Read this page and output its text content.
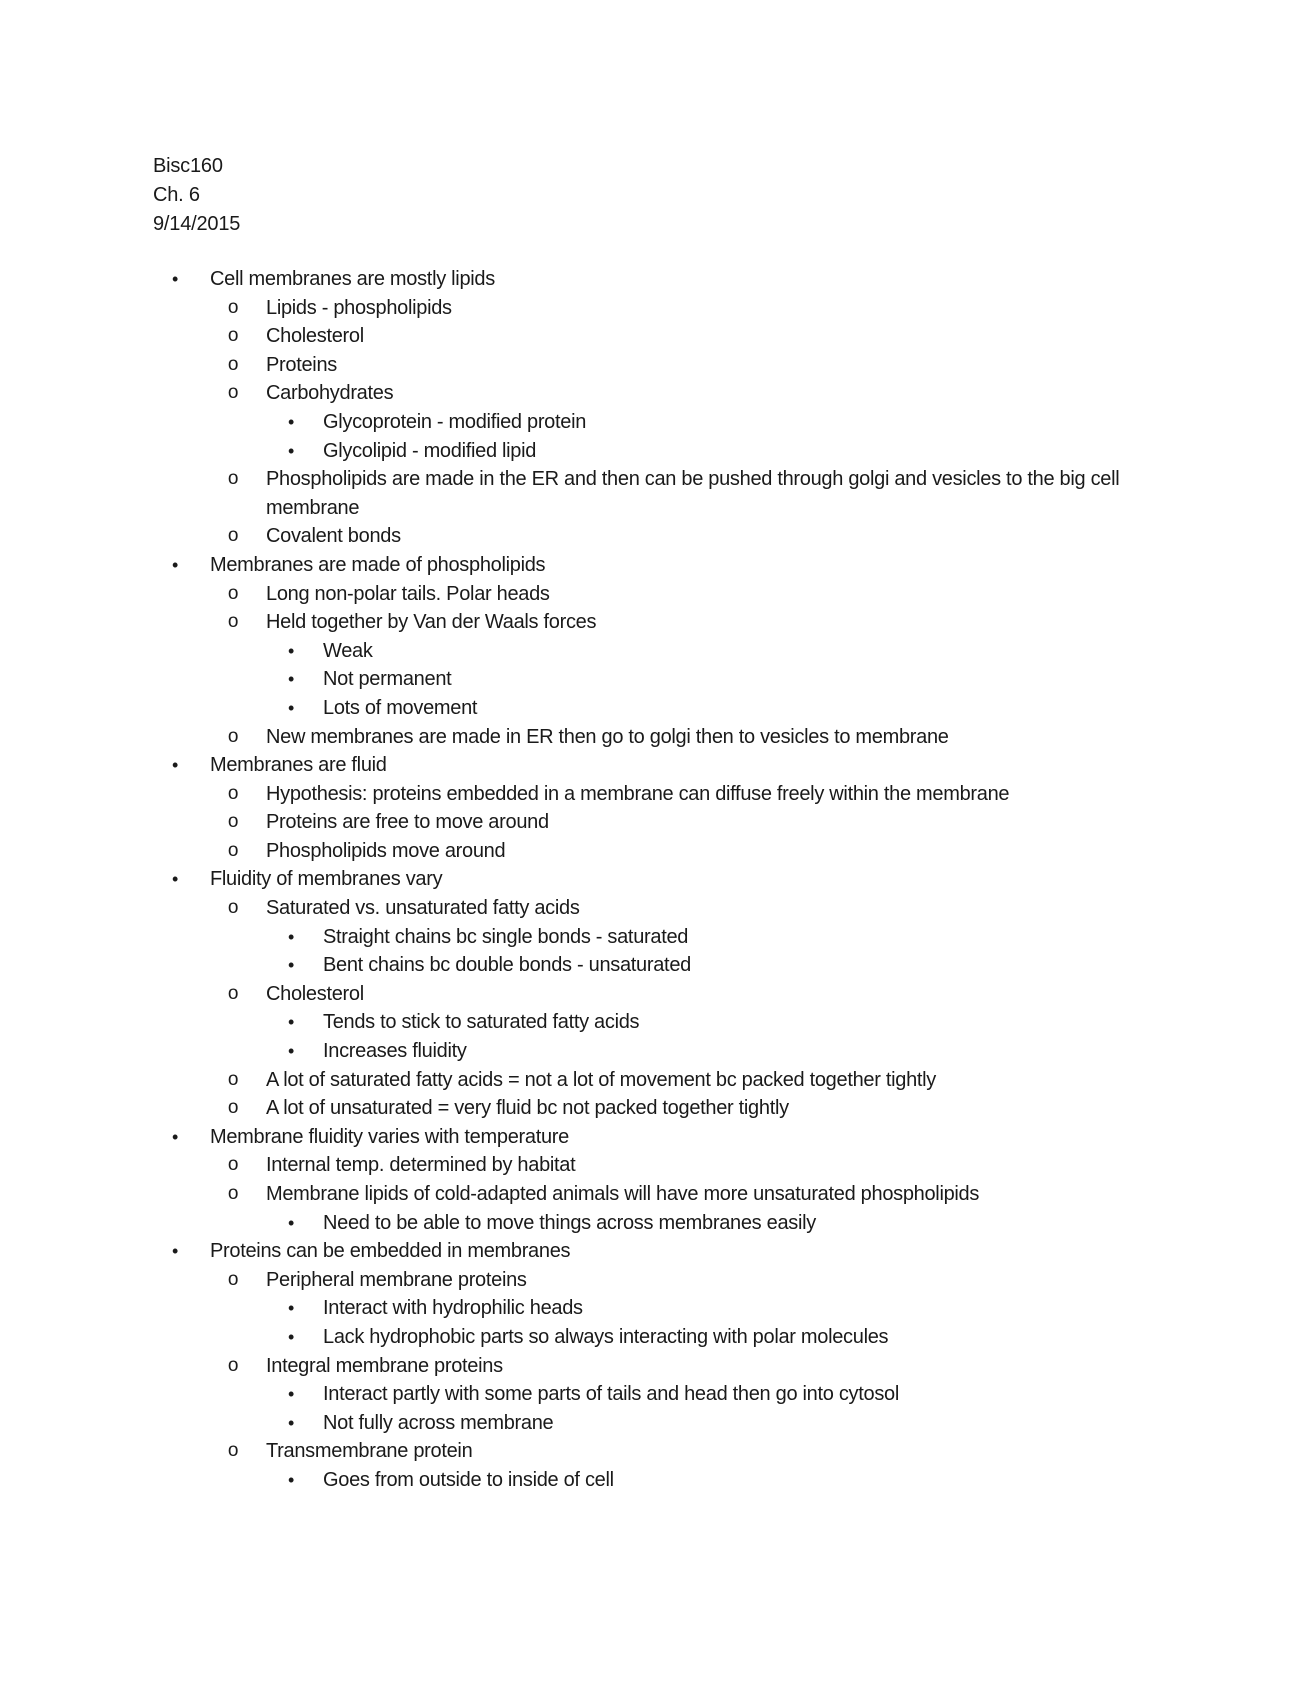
Bisc160
Ch. 6
9/14/2015
•	Cell membranes are mostly lipids
o Lipids - phospholipids
o Cholesterol
o Proteins
o Carbohydrates
•	Glycoprotein - modified protein
•	Glycolipid - modified lipid
o Phospholipids are made in the ER and then can be pushed through golgi and vesicles to the big cell membrane
o Covalent bonds
•	Membranes are made of phospholipids
o Long non-polar tails. Polar heads
o Held together by Van der Waals forces
•	Weak
•	Not permanent
•	Lots of movement
o New membranes are made in ER then go to golgi then to vesicles to membrane
•	Membranes are fluid
o Hypothesis: proteins embedded in a membrane can diffuse freely within the membrane
o Proteins are free to move around
o Phospholipids move around
•	Fluidity of membranes vary
o Saturated vs. unsaturated fatty acids
•	Straight chains bc single bonds - saturated
•	Bent chains bc double bonds - unsaturated
o Cholesterol
•	Tends to stick to saturated fatty acids
•	Increases fluidity
o A lot of saturated fatty acids = not a lot of movement bc packed together tightly
o A lot of unsaturated = very fluid bc not packed together tightly
•	Membrane fluidity varies with temperature
o Internal temp. determined by habitat
o Membrane lipids of cold-adapted animals will have more unsaturated phospholipids
•	Need to be able to move things across membranes easily
•	Proteins can be embedded in membranes
o Peripheral membrane proteins
•	Interact with hydrophilic heads
•	Lack hydrophobic parts so always interacting with polar molecules
o Integral membrane proteins
•	Interact partly with some parts of tails and head then go into cytosol
•	Not fully across membrane
o Transmembrane protein
•	Goes from outside to inside of cell
